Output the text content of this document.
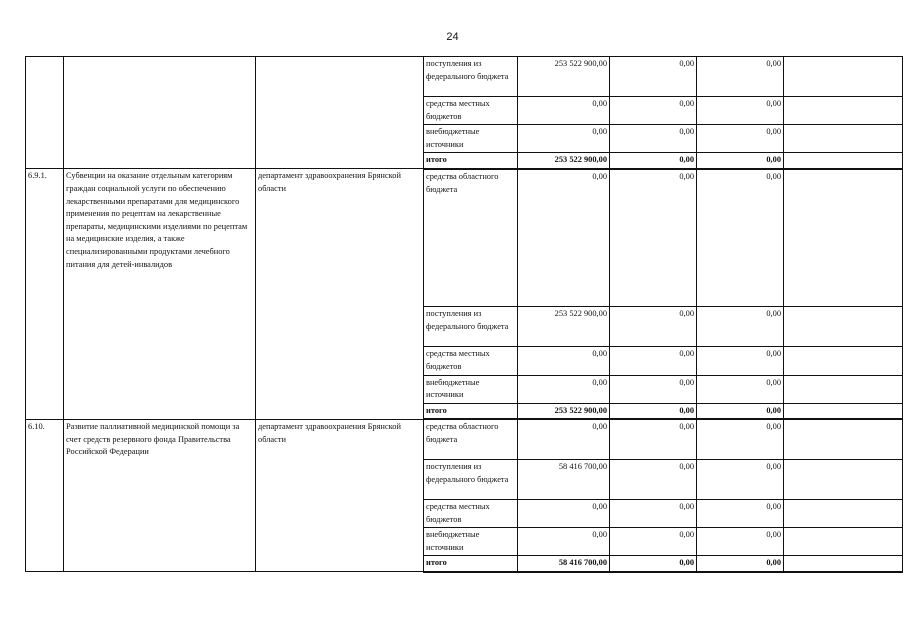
24
			поступления из федерального бюджета	253 522 900,00	0,00	0,00	
			средства местных бюджетов	0,00	0,00	0,00	
			внебюджетные источники	0,00	0,00	0,00	
			итого	253 522 900,00	0,00	0,00	
6.9.1.	Субвенции на оказание отдельным категориям граждан социальной услуги по обеспечению лекарственными препаратами для медицинского применения по рецептам на лекарственные препараты, медицинскими изделиями по рецептам на медицинские изделия, а также специализированными продуктами лечебного питания для детей-инвалидов	департамент здравоохранения Брянской области	средства областного бюджета	0,00	0,00	0,00	
			поступления из федерального бюджета	253 522 900,00	0,00	0,00	
			средства местных бюджетов	0,00	0,00	0,00	
			внебюджетные источники	0,00	0,00	0,00	
			итого	253 522 900,00	0,00	0,00	
6.10.	Развитие паллиативной медицинской помощи за счет средств резервного фонда Правительства Российской Федерации	департамент здравоохранения Брянской области	средства областного бюджета	0,00	0,00	0,00	
			поступления из федерального бюджета	58 416 700,00	0,00	0,00	
			средства местных бюджетов	0,00	0,00	0,00	
			внебюджетные источники	0,00	0,00	0,00	
			итого	58 416 700,00	0,00	0,00	
